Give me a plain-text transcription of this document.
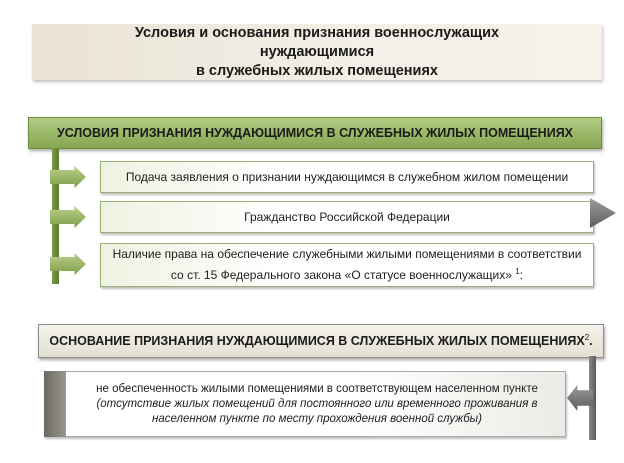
Условия и основания признания военнослужащих нуждающимися
в служебных жилых помещениях
УСЛОВИЯ ПРИЗНАНИЯ НУЖДАЮЩИМИСЯ В СЛУЖЕБНЫХ ЖИЛЫХ ПОМЕЩЕНИЯХ
Подача заявления о признании нуждающимся в служебном жилом помещении
Гражданство Российской Федерации
Наличие права на обеспечение служебными жилыми помещениями в соответствии
со ст. 15 Федерального закона «О статусе военнослужащих» $^1$:
ОСНОВАНИЕ ПРИЗНАНИЯ НУЖДАЮЩИМИСЯ В СЛУЖЕБНЫХ ЖИЛЫХ ПОМЕЩЕНИЯХ$^2$.
не обеспеченность жилыми помещениями в соответствующем населенном пункте
(отсутствие жилых помещений для постоянного или временного проживания в населенном пункте по месту прохождения военной службы)
